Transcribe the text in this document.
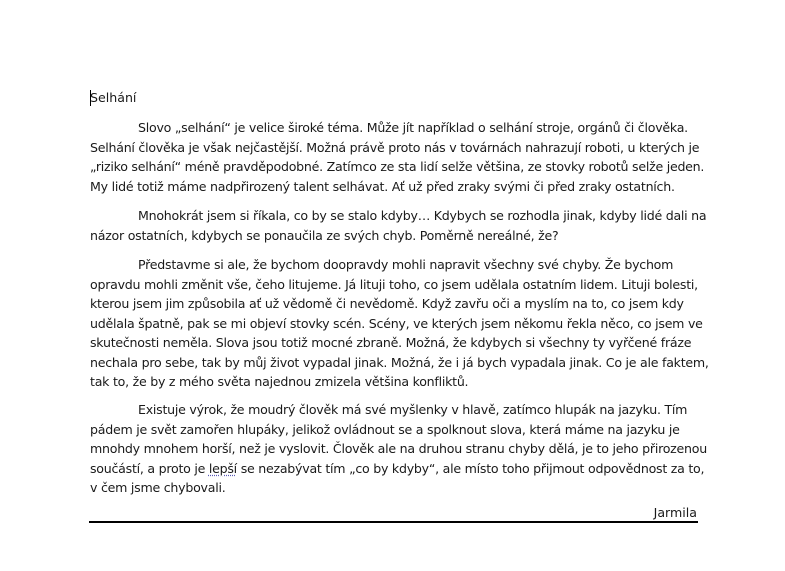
Selhání
Slovo „selhání“ je velice široké téma. Může jít například o selhání stroje, orgánů či člověka.
Selhání člověka je však nejčastější. Možná právě proto nás v továrnách nahrazují roboti, u kterých je
„riziko selhání“ méně pravděpodobné. Zatímco ze sta lidí selže většina, ze stovky robotů selže jeden.
My lidé totiž máme nadpřirozený talent selhávat. Ať už před zraky svými či před zraky ostatních.
Mnohokrát jsem si říkala, co by se stalo kdyby… Kdybych se rozhodla jinak, kdyby lidé dali na
názor ostatních, kdybych se ponaučila ze svých chyb. Poměrně nereálné, že?
Představme si ale, že bychom doopravdy mohli napravit všechny své chyby. Že bychom
opravdu mohli změnit vše, čeho litujeme. Já lituji toho, co jsem udělala ostatním lidem. Lituji bolesti,
kterou jsem jim způsobila ať už vědomě či nevědomě. Když zavřu oči a myslím na to, co jsem kdy
udělala špatně, pak se mi objeví stovky scén. Scény, ve kterých jsem někomu řekla něco, co jsem ve
skutečnosti neměla. Slova jsou totiž mocné zbraně. Možná, že kdybych si všechny ty vyřčené fráze
nechala pro sebe, tak by můj život vypadal jinak. Možná, že i já bych vypadala jinak. Co je ale faktem,
tak to, že by z mého světa najednou zmizela většina konfliktů.
Existuje výrok, že moudrý člověk má své myšlenky v hlavě, zatímco hlupák na jazyku. Tím
pádem je svět zamořen hlupáky, jelikož ovládnout se a spolknout slova, která máme na jazyku je
mnohdy mnohem horší, než je vyslovit. Člověk ale na druhou stranu chyby dělá, je to jeho přirozenou
součástí, a proto je lepší se nezabývat tím „co by kdyby“, ale místo toho přijmout odpovědnost za to,
v čem jsme chybovali.
Jarmila
